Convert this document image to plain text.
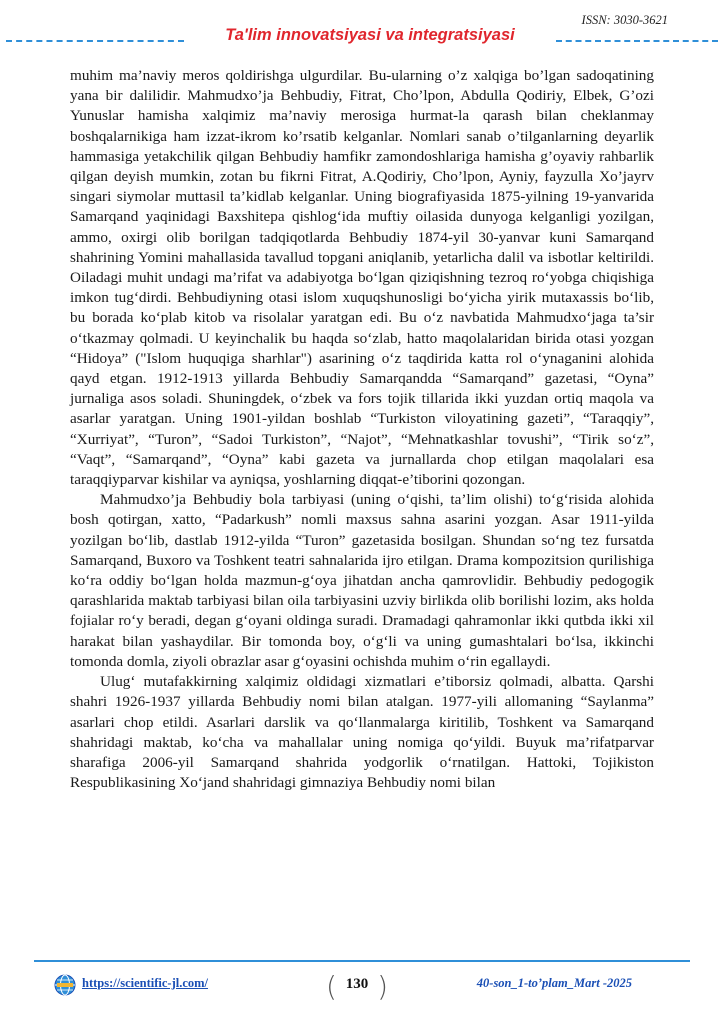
ISSN: 3030-3621
Ta'lim innovatsiyasi va integratsiyasi

muhim ma’naviy meros qoldirishga ulgurdilar. Bu-ularning o’z xalqiga bo’lgan sadoqatining yana bir dalilidir. Mahmudxo’ja Behbudiy, Fitrat, Cho’lpon, Abdulla Qodiriy, Elbek, G’ozi Yunuslar hamisha xalqimiz ma’naviy merosiga hurmat-la qarash bilan cheklanmay boshqalarnikiga ham izzat-ikrom ko’rsatib kelganlar. Nomlari sanab o’tilganlarning deyarlik hammasiga yetakchilik qilgan Behbudiy hamfikr zamondoshlariga hamisha g’oyaviy rahbarlik qilgan deyish mumkin, zotan bu fikrni Fitrat, A.Qodiriy, Cho’lpon, Ayniy, fayzulla Xo’jayrv singari siymolar muttasil ta’kidlab kelganlar. Uning biografiyasida 1875-yilning 19-yanvarida Samarqand yaqinidagi Baxshitepa qishlog‘ida muftiy oilasida dunyoga kelganligi yozilgan, ammo, oxirgi olib borilgan tadqiqotlarda Behbudiy 1874-yil 30-yanvar kuni Samarqand shahrining Yomini mahallasida tavallud topgani aniqlanib, yetarlicha dalil va isbotlar keltirildi. Oiladagi muhit undagi ma’rifat va adabiyotga bo‘lgan qiziqishning tezroq ro‘yobga chiqishiga imkon tug‘dirdi. Behbudiyning otasi islom xuquqshunosligi bo‘yicha yirik mutaxassis bo‘lib, bu borada ko‘plab kitob va risolalar yaratgan edi. Bu o‘z navbatida Mahmudxo‘jaga ta’sir o‘tkazmay qolmadi. U keyinchalik bu haqda so‘zlab, hatto maqolalaridan birida otasi yozgan “Hidoya” ("Islom huquqiga sharhlar") asarining o‘z taqdirida katta rol o‘ynaganini alohida qayd etgan. 1912-1913 yillarda Behbudiy Samarqandda “Samarqand” gazetasi, “Oyna” jurnaliga asos soladi. Shuningdek, o‘zbek va fors tojik tillarida ikki yuzdan ortiq maqola va asarlar yaratgan. Uning 1901-yildan boshlab “Turkiston viloyatining gazeti”, “Taraqqiy”, “Xurriyat”, “Turon”, “Sadoi Turkiston”, “Najot”, “Mehnatkashlar tovushi”, “Tirik so‘z”, “Vaqt”, “Samarqand”, “Oyna” kabi gazeta va jurnallarda chop etilgan maqolalari esa taraqqiyparvar kishilar va ayniqsa, yoshlarning diqqat-e’tiborini qozongan.

Mahmudxo’ja Behbudiy bola tarbiyasi (uning o‘qishi, ta’lim olishi) to‘g‘risida alohida bosh qotirgan, xatto, “Padarkush” nomli maxsus sahna asarini yozgan. Asar 1911-yilda yozilgan bo‘lib, dastlab 1912-yilda “Turon” gazetasida bosilgan. Shundan so‘ng tez fursatda Samarqand, Buxoro va Toshkent teatri sahnalarida ijro etilgan. Drama kompozitsion qurilishiga ko‘ra oddiy bo‘lgan holda mazmun-g‘oya jihatdan ancha qamrovlidir. Behbudiy pedogogik qarashlarida maktab tarbiyasi bilan oila tarbiyasini uzviy birlikda olib borilishi lozim, aks holda fojialar ro‘y beradi, degan g‘oyani oldinga suradi. Dramadagi qahramonlar ikki qutbda ikki xil harakat bilan yashaydilar. Bir tomonda boy, o‘g‘li va uning gumashtalari bo‘lsa, ikkinchi tomonda domla, ziyoli obrazlar asar g‘oyasini ochishda muhim o‘rin egallaydi.

Ulug‘ mutafakkirning xalqimiz oldidagi xizmatlari e’tiborsiz qolmadi, albatta. Qarshi shahri 1926-1937 yillarda Behbudiy nomi bilan atalgan. 1977-yili allomaning “Saylanma” asarlari chop etildi. Asarlari darslik va qo‘llanmalarga kiritilib, Toshkent va Samarqand shahridagi maktab, ko‘cha va mahallalar uning nomiga qo‘yildi. Buyuk ma’rifatparvar sharafiga 2006-yil Samarqand shahrida yodgorlik o‘rnatilgan. Hattoki, Tojikiston Respublikasining Xo‘jand shahridagi gimnaziya Behbudiy nomi bilan

https://scientific-jl.com/	( 130 )	40-son_1-to’plam_Mart -2025
